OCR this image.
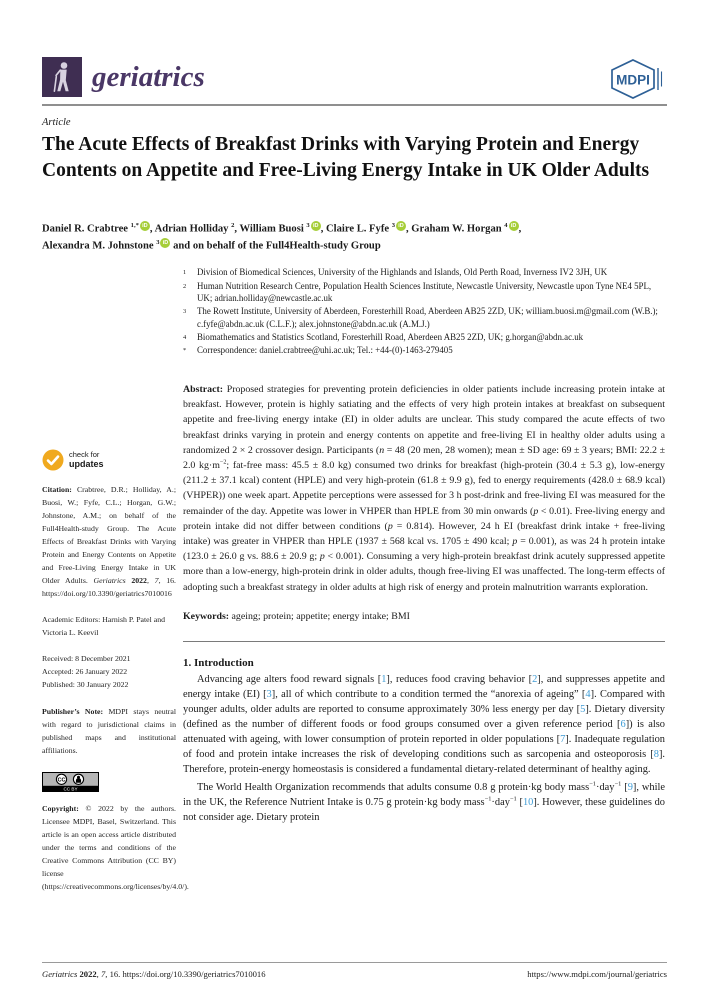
geriatrics	MDPI
Article
The Acute Effects of Breakfast Drinks with Varying Protein and Energy Contents on Appetite and Free-Living Energy Intake in UK Older Adults
Daniel R. Crabtree $^{1,*}$ iD , Adrian Holliday $^2$, William Buosi $^3$ iD , Claire L. Fyfe $^3$ iD , Graham W. Horgan $^4$ iD ,
Alexandra M. Johnstone $^3$ iD and on behalf of the Full4Health-study Group
check for
updates

Citation: Crabtree, D.R.; Holliday, A.; Buosi, W.; Fyfe, C.L.; Horgan, G.W.; Johnstone, A.M.; on behalf of the Full4Health-study Group. The Acute Effects of Breakfast Drinks with Varying Protein and Energy Contents on Appetite and Free-Living Energy Intake in UK Older Adults. Geriatrics 2022, 7, 16. https://doi.org/10.3390/geriatrics7010016

Academic Editors: Harnish P. Patel and Victoria L. Keevil

Received: 8 December 2021
Accepted: 26 January 2022
Published: 30 January 2022

Publisher’s Note: MDPI stays neutral with regard to jurisdictional claims in published maps and institutional affiliations.

CC BY
CC

Copyright: © 2022 by the authors. Licensee MDPI, Basel, Switzerland. This article is an open access article distributed under the terms and conditions of the Creative Commons Attribution (CC BY) license (https://creativecommons.org/licenses/by/4.0/).

1	Division of Biomedical Sciences, University of the Highlands and Islands, Old Perth Road, Inverness IV2 3JH, UK
2	Human Nutrition Research Centre, Population Health Sciences Institute, Newcastle University, Newcastle upon Tyne NE4 5PL, UK; adrian.holliday@newcastle.ac.uk
3	The Rowett Institute, University of Aberdeen, Foresterhill Road, Aberdeen AB25 2ZD, UK; william.buosi.m@gmail.com (W.B.); c.fyfe@abdn.ac.uk (C.L.F.); alex.johnstone@abdn.ac.uk (A.M.J.)
4	Biomathematics and Statistics Scotland, Foresterhill Road, Aberdeen AB25 2ZD, UK; g.horgan@abdn.ac.uk
*	Correspondence: daniel.crabtree@uhi.ac.uk; Tel.: +44-(0)-1463-279405

Abstract: Proposed strategies for preventing protein deficiencies in older patients include increasing protein intake at breakfast. However, protein is highly satiating and the effects of very high protein intakes at breakfast on subsequent appetite and free-living energy intake (EI) in older adults are unclear. This study compared the acute effects of two breakfast drinks varying in protein and energy contents on appetite and free-living EI in healthy older adults using a randomized 2 × 2 crossover design. Participants (n = 48 (20 men, 28 women); mean ± SD age: 69 ± 3 years; BMI: 22.2 ± 2.0 $kg\cdot m^{-2}$; fat-free mass: 45.5 ± 8.0 kg) consumed two drinks for breakfast (high-protein (30.4 ± 5.3 g), low-energy (211.2 ± 37.1 kcal) content (HPLE) and very high-protein (61.8 ± 9.9 g), fed to energy requirements (428.0 ± 68.9 kcal) (VHPER)) one week apart. Appetite perceptions were assessed for 3 h post-drink and free-living EI was measured for the remainder of the day. Appetite was lower in VHPER than HPLE from 30 min onwards (p < 0.01). Free-living energy and protein intake did not differ between conditions (p = 0.814). However, 24 h EI (breakfast drink intake + free-living intake) was greater in VHPER than HPLE (1937 ± 568 kcal vs. 1705 ± 490 kcal; p = 0.001), as was 24 h protein intake (123.0 ± 26.0 g vs. 88.6 ± 20.9 g; p < 0.001). Consuming a very high-protein breakfast drink acutely suppressed appetite more than a low-energy, high-protein drink in older adults, though free-living EI was unaffected. The long-term effects of adopting such a breakfast strategy in older adults at high risk of energy and protein malnutrition warrants exploration.

Keywords: ageing; protein; appetite; energy intake; BMI

1. Introduction

Advancing age alters food reward signals [1], reduces food craving behavior [2], and suppresses appetite and energy intake (EI) [3], all of which contribute to a condition termed the “anorexia of ageing” [4]. Compared with younger adults, older adults are reported to consume approximately 30% less energy per day [5]. Dietary diversity (defined as the number of different foods or food groups consumed over a given reference period [6]) is also attenuated with ageing, with lower consumption of protein reported in older populations [7]. Inadequate regulation of food and protein intake increases the risk of developing conditions such as sarcopenia and osteoporosis [8]. Therefore, protein-energy homeostasis is considered a fundamental dietary-related determinant of healthy aging.

The World Health Organization recommends that adults consume 0.8 g protein·kg body mass$^{-1}$·day$^{-1}$ [9], while in the UK, the Reference Nutrient Intake is 0.75 g protein·kg body mass$^{-1}$·day$^{-1}$ [10]. However, these guidelines do not consider age. Dietary protein

Geriatrics 2022, 7, 16. https://doi.org/10.3390/geriatrics7010016	https://www.mdpi.com/journal/geriatrics
